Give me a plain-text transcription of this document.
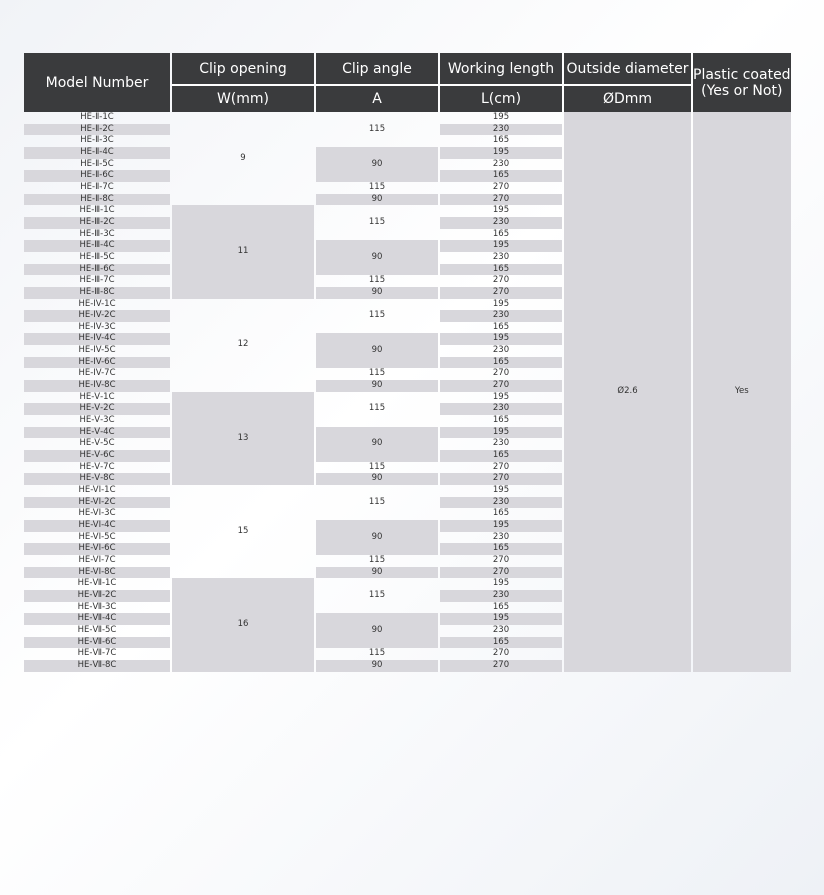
Model Number	Clip opening	Clip angle	Working length	Outside diameter	Plastic coated
(Yes or Not)
	W(mm)	A	L(cm)	ØDmm	
HE-Ⅱ-1C	9	115	195	Ø2.6	Yes
HE-Ⅱ-2C			230		
HE-Ⅱ-3C			165		
HE-Ⅱ-4C		90	195		
HE-Ⅱ-5C			230		
HE-Ⅱ-6C			165		
HE-Ⅱ-7C		115	270		
HE-Ⅱ-8C		90	270		
HE-Ⅲ-1C	11	115	195		
HE-Ⅲ-2C			230		
HE-Ⅲ-3C			165		
HE-Ⅲ-4C		90	195		
HE-Ⅲ-5C			230		
HE-Ⅲ-6C			165		
HE-Ⅲ-7C		115	270		
HE-Ⅲ-8C		90	270		
HE-IV-1C	12	115	195		
HE-IV-2C			230		
HE-IV-3C			165		
HE-IV-4C		90	195		
HE-IV-5C			230		
HE-IV-6C			165		
HE-IV-7C		115	270		
HE-IV-8C		90	270		
HE-Ⅴ-1C	13	115	195		
HE-Ⅴ-2C			230		
HE-Ⅴ-3C			165		
HE-Ⅴ-4C		90	195		
HE-Ⅴ-5C			230		
HE-Ⅴ-6C			165		
HE-Ⅴ-7C		115	270		
HE-Ⅴ-8C		90	270		
HE-VI-1C	15	115	195		
HE-VI-2C			230		
HE-VI-3C			165		
HE-VI-4C		90	195		
HE-VI-5C			230		
HE-VI-6C			165		
HE-VI-7C		115	270		
HE-VI-8C		90	270		
HE-Ⅶ-1C	16	115	195		
HE-Ⅶ-2C			230		
HE-Ⅶ-3C			165		
HE-Ⅶ-4C		90	195		
HE-Ⅶ-5C			230		
HE-Ⅶ-6C			165		
HE-Ⅶ-7C		115	270		
HE-Ⅶ-8C		90	270		
